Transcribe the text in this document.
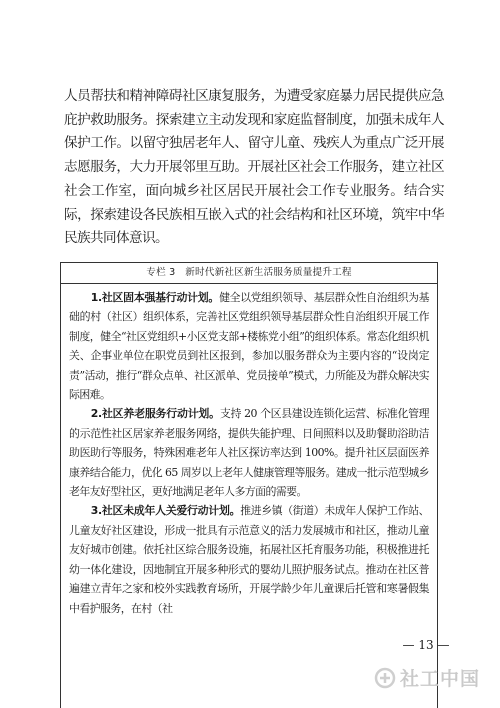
人员帮扶和精神障碍社区康复服务，为遭受家庭暴力居民提供应急庇护救助服务。探索建立主动发现和家庭监督制度，加强未成年人保护工作。以留守独居老年人、留守儿童、残疾人为重点广泛开展志愿服务，大力开展邻里互助。开展社区社会工作服务，建立社区社会工作室，面向城乡社区居民开展社会工作专业服务。结合实际，探索建设各民族相互嵌入式的社会结构和社区环境，筑牢中华民族共同体意识。

专栏 3　新时代新社区新生活服务质量提升工程

1.社区固本强基行动计划。健全以党组织领导、基层群众性自治组织为基础的村（社区）组织体系，完善社区党组织领导基层群众性自治组织开展工作制度，健全“社区党组织+小区党支部+楼栋党小组”的组织体系。常态化组织机关、企事业单位在职党员到社区报到，参加以服务群众为主要内容的“设岗定责”活动，推行“群众点单、社区派单、党员接单”模式，力所能及为群众解决实际困难。

2.社区养老服务行动计划。支持 20 个区县建设连锁化运营、标准化管理的示范性社区居家养老服务网络，提供失能护理、日间照料以及助餐助浴助洁助医助行等服务，特殊困难老年人社区探访率达到 100%。提升社区层面医养康养结合能力，优化 65 周岁以上老年人健康管理等服务。建成一批示范型城乡老年友好型社区，更好地满足老年人多方面的需要。

3.社区未成年人关爱行动计划。推进乡镇（街道）未成年人保护工作站、儿童友好社区建设，形成一批具有示范意义的活力发展城市和社区，推动儿童友好城市创建。依托社区综合服务设施，拓展社区托育服务功能，积极推进托幼一体化建设，因地制宜开展多种形式的婴幼儿照护服务试点。推动在社区普遍建立青年之家和校外实践教育场所，开展学龄少年儿童课后托管和寒暑假集中看护服务，在村（社

— 13 —
社工中国
